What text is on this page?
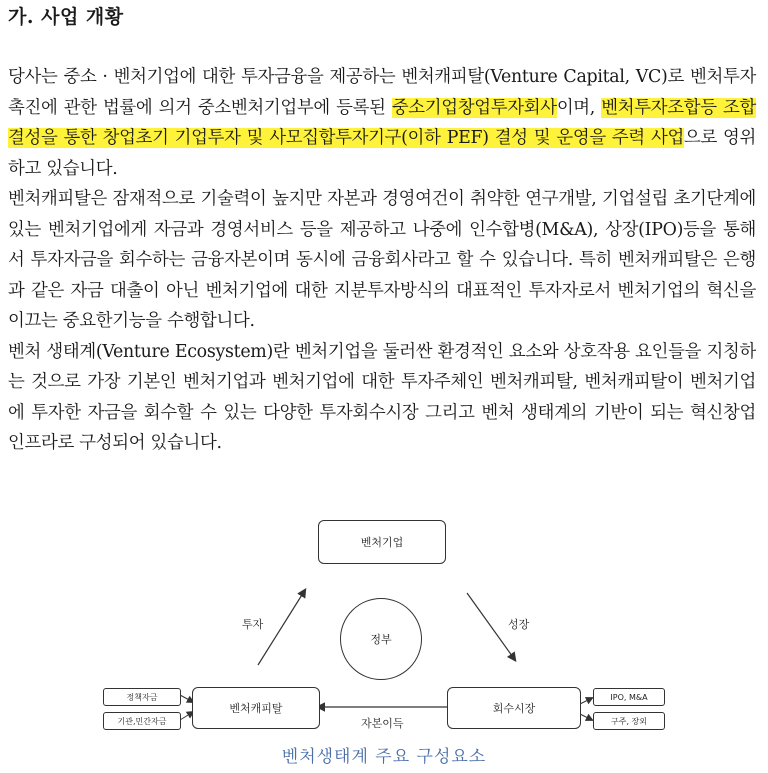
가. 사업 개황

당사는 중소 · 벤처기업에 대한 투자금융을 제공하는 벤처캐피탈(Venture Capital, VC)로 벤처투자촉진에 관한 법률에 의거 중소벤처기업부에 등록된 중소기업창업투자회사이며, 벤처투자조합등 조합결성을 통한 창업초기 기업투자 및 사모집합투자기구(이하 PEF) 결성 및 운영을 주력 사업으로 영위하고 있습니다.

벤처캐피탈은 잠재적으로 기술력이 높지만 자본과 경영여건이 취약한 연구개발, 기업설립 초기단계에 있는 벤처기업에게 자금과 경영서비스 등을 제공하고 나중에 인수합병(M&A), 상장(IPO)등을 통해서 투자자금을 회수하는 금융자본이며 동시에 금융회사라고 할 수 있습니다. 특히 벤처캐피탈은 은행과 같은 자금 대출이 아닌 벤처기업에 대한 지분투자방식의 대표적인 투자자로서 벤처기업의 혁신을 이끄는 중요한기능을 수행합니다.

벤처 생태계(Venture Ecosystem)란 벤처기업을 둘러싼 환경적인 요소와 상호작용 요인들을 지칭하는 것으로 가장 기본인 벤처기업과 벤처기업에 대한 투자주체인 벤처캐피탈, 벤처캐피탈이 벤처기업에 투자한 자금을 회수할 수 있는 다양한 투자회수시장 그리고 벤처 생태계의 기반이 되는 혁신창업 인프라로 구성되어 있습니다.

벤처기업
정부
벤처캐피탈	회수시장
정책자금
기관,민간자금
IPO, M&A
구주, 장외
투자	성장
자본이득
벤처생태계 주요 구성요소
